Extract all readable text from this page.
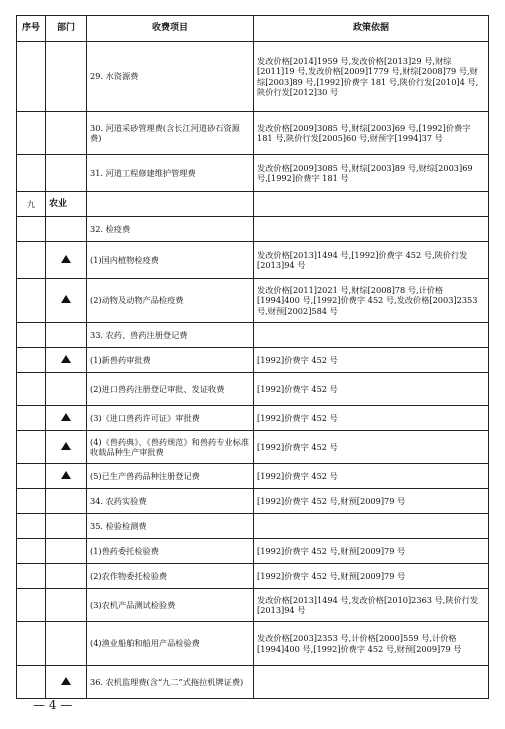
序号	部门	收费项目	政策依据
		29. 水资源费	发改价格[2014]1959 号,发改价格[2013]29 号,财综[2011]19 号,发改价格[2009]1779 号,财综[2008]79 号,财综[2003]89 号,[1992]价费字 181 号,陕价行发[2010]4 号,陕价行发[2012]30 号
		30. 河道采砂管理费(含长江河道砂石资源费)	发改价格[2009]3085 号,财综[2003]69 号,[1992]价费字 181 号,陕价行发[2005]60 号,财预字[1994]37 号
		31. 河道工程修建维护管理费	发改价格[2009]3085 号,财综[2003]89 号,财综[2003]69 号,[1992]价费字 181 号
九	农业		
		32. 检疫费	
		(1)国内植物检疫费	发改价格[2013]1494 号,[1992]价费字 452 号,陕价行发[2013]94 号
		(2)动物及动物产品检疫费	发改价格[2011]2021 号,财综[2008]78 号,计价格[1994]400 号,[1992]价费字 452 号,发改价格[2003]2353 号,财预[2002]584 号
		33. 农药、兽药注册登记费	
		(1)新兽药审批费	[1992]价费字 452 号
		(2)进口兽药注册登记审批、发证收费	[1992]价费字 452 号
		(3)《进口兽药许可证》审批费	[1992]价费字 452 号
		(4)《兽药典》、《兽药规范》和兽药专业标准收载品种生产审批费	[1992]价费字 452 号
		(5)已生产兽药品种注册登记费	[1992]价费字 452 号
		34. 农药实验费	[1992]价费字 452 号,财预[2009]79 号
		35. 检验检测费	
		(1)兽药委托检验费	[1992]价费字 452 号,财预[2009]79 号
		(2)农作物委托检验费	[1992]价费字 452 号,财预[2009]79 号
		(3)农机产品测试检验费	发改价格[2013]1494 号,发改价格[2010]2363 号,陕价行发[2013]94 号
		(4)渔业船舶和船用产品检验费	发改价格[2003]2353 号,计价格[2000]559 号,计价格[1994]400 号,[1992]价费字 452 号,财预[2009]79 号
		36. 农机监理费(含“九二”式拖拉机牌证费)	
— 4 —
